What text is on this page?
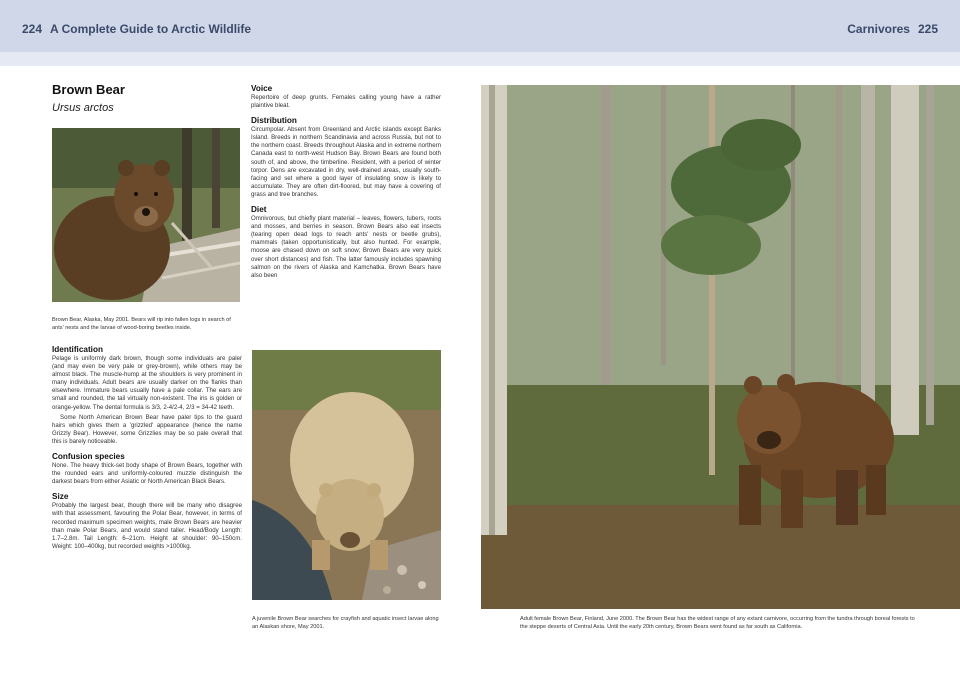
224 A Complete Guide to Arctic Wildlife	Carnivores 225
Brown Bear
Ursus arctos
Brown Bear, Alaska, May 2001. Bears will rip into fallen logs in search of ants' nests and the larvae of wood-boring beetles inside.
Identification
Pelage is uniformly dark brown, though some individuals are paler (and may even be very pale or grey-brown), while others may be almost black. The muscle-hump at the shoulders is very prominent in many individuals. Adult bears are usually darker on the flanks than elsewhere. Immature bears usually have a pale collar. The ears are small and rounded, the tail virtually non-existent. The iris is golden or orange-yellow. The dental formula is 3/3, 2-4/2-4, 2/3 = 34-42 teeth.
Some North American Brown Bear have paler tips to the guard hairs which gives them a 'grizzled' appearance (hence the name Grizzly Bear). However, some Grizzlies may be so pale overall that this is barely noticeable.
Confusion species
None. The heavy thick-set body shape of Brown Bears, together with the rounded ears and uniformly-coloured muzzle distinguish the darkest bears from either Asiatic or North American Black Bears.
Size
Probably the largest bear, though there will be many who disagree with that assessment, favouring the Polar Bear, however, in terms of recorded maximum specimen weights, male Brown Bears are heavier than male Polar Bears, and would stand taller. Head/Body Length: 1.7–2.8m. Tail Length: 6–21cm. Height at shoulder: 90–150cm. Weight: 100–400kg, but recorded weights >1000kg.
Voice
Repertoire of deep grunts. Females calling young have a rather plaintive bleat.
Distribution
Circumpolar. Absent from Greenland and Arctic islands except Banks Island. Breeds in northern Scandinavia and across Russia, but not to the northern coast. Breeds throughout Alaska and in extreme northern Canada east to north-west Hudson Bay. Brown Bears are found both south of, and above, the timberline. Resident, with a period of winter torpor. Dens are excavated in dry, well-drained areas, usually south-facing and set where a good layer of insulating snow is likely to accumulate. They are often dirt-floored, but may have a covering of grass and tree branches.
Diet
Omnivorous, but chiefly plant material – leaves, flowers, tubers, roots and mosses, and berries in season. Brown Bears also eat insects (tearing open dead logs to reach ants' nests or beetle grubs), mammals (taken opportunistically, but also hunted. For example, moose are chased down on soft snow; Brown Bears are very quick over short distances) and fish. The latter famously includes spawning salmon on the rivers of Alaska and Kamchatka. Brown Bears have also been
A juvenile Brown Bear searches for crayfish and aquatic insect larvae along an Alaskan shore, May 2001.
Adult female Brown Bear, Finland, June 2000. The Brown Bear has the widest range of any extant carnivore, occurring from the tundra through boreal forests to the steppe deserts of Central Asia. Until the early 20th century, Brown Bears went found as far south as California.
